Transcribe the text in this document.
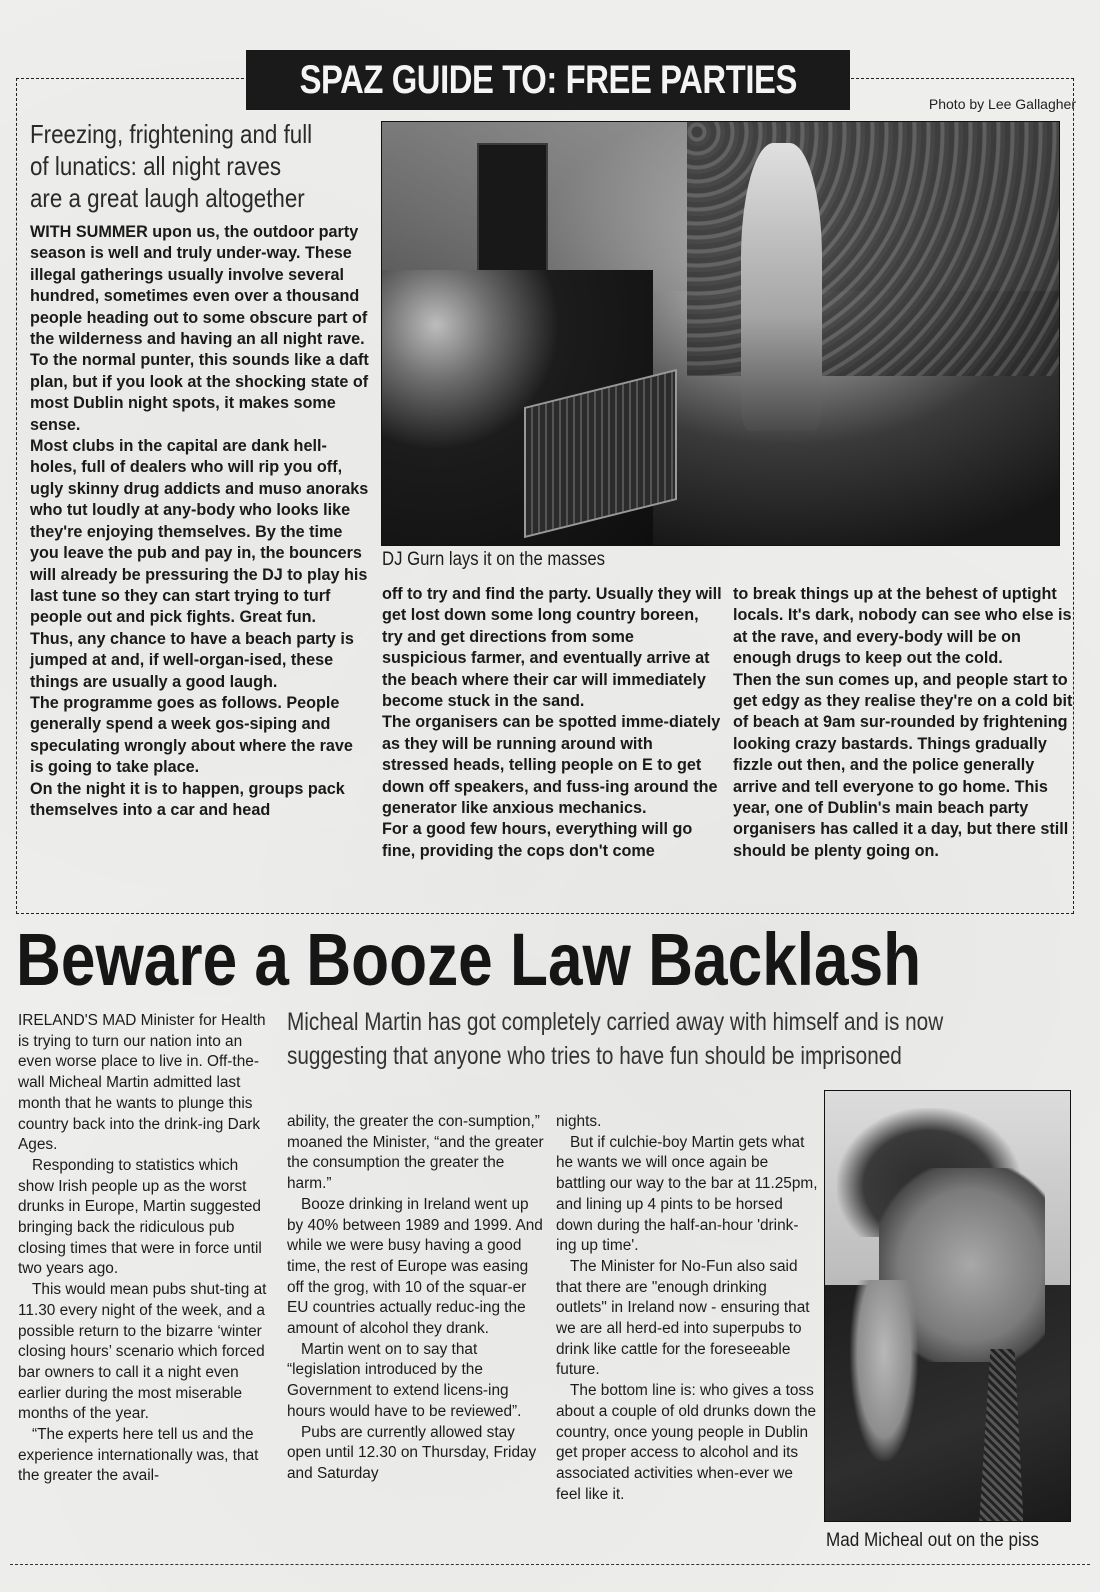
SPAZ GUIDE TO: FREE PARTIES
Photo by Lee Gallagher
Freezing, frightening and full
of lunatics: all night raves
are a great laugh altogether

WITH SUMMER upon us, the outdoor party season is well and truly under-way. These illegal gatherings usually involve several hundred, sometimes even over a thousand people heading out to some obscure part of the wilderness and having an all night rave. To the normal punter, this sounds like a daft plan, but if you look at the shocking state of most Dublin night spots, it makes some sense.

Most clubs in the capital are dank hell-holes, full of dealers who will rip you off, ugly skinny drug addicts and muso anoraks who tut loudly at any-body who looks like they're enjoying themselves. By the time you leave the pub and pay in, the bouncers will already be pressuring the DJ to play his last tune so they can start trying to turf people out and pick fights. Great fun.

Thus, any chance to have a beach party is jumped at and, if well-organ-ised, these things are usually a good laugh.

The programme goes as follows. People generally spend a week gos-siping and speculating wrongly about where the rave is going to take place.

On the night it is to happen, groups pack themselves into a car and head

DJ Gurn lays it on the masses

off to try and find the party. Usually they will get lost down some long country boreen, try and get directions from some suspicious farmer, and eventually arrive at the beach where their car will immediately become stuck in the sand.

The organisers can be spotted imme-diately as they will be running around with stressed heads, telling people on E to get down off speakers, and fuss-ing around the generator like anxious mechanics.

For a good few hours, everything will go fine, providing the cops don't come

to break things up at the behest of uptight locals. It's dark, nobody can see who else is at the rave, and every-body will be on enough drugs to keep out the cold.

Then the sun comes up, and people start to get edgy as they realise they're on a cold bit of beach at 9am sur-rounded by frightening looking crazy bastards. Things gradually fizzle out then, and the police generally arrive and tell everyone to go home. This year, one of Dublin's main beach party organisers has called it a day, but there still should be plenty going on.

Beware a Booze Law Backlash
Micheal Martin has got completely carried away with himself and is now
suggesting that anyone who tries to have fun should be imprisoned

IRELAND'S MAD Minister for Health is trying to turn our nation into an even worse place to live in. Off-the-wall Micheal Martin admitted last month that he wants to plunge this country back into the drink-ing Dark Ages.

Responding to statistics which show Irish people up as the worst drunks in Europe, Martin suggested bringing back the ridiculous pub closing times that were in force until two years ago.

This would mean pubs shut-ting at 11.30 every night of the week, and a possible return to the bizarre ‘winter closing hours’ scenario which forced bar owners to call it a night even earlier during the most miserable months of the year.

“The experts here tell us and the experience internationally was, that the greater the avail-

ability, the greater the con-sumption,” moaned the Minister, “and the greater the consumption the greater the harm.”

Booze drinking in Ireland went up by 40% between 1989 and 1999. And while we were busy having a good time, the rest of Europe was easing off the grog, with 10 of the squar-er EU countries actually reduc-ing the amount of alcohol they drank.

Martin went on to say that “legislation introduced by the Government to extend licens-ing hours would have to be reviewed”.

Pubs are currently allowed stay open until 12.30 on Thursday, Friday and Saturday

nights.

But if culchie-boy Martin gets what he wants we will once again be battling our way to the bar at 11.25pm, and lining up 4 pints to be horsed down during the half-an-hour 'drink-ing up time'.

The Minister for No-Fun also said that there are "enough drinking outlets" in Ireland now - ensuring that we are all herd-ed into superpubs to drink like cattle for the foreseeable future.

The bottom line is: who gives a toss about a couple of old drunks down the country, once young people in Dublin get proper access to alcohol and its associated activities when-ever we feel like it.

Mad Micheal out on the piss
